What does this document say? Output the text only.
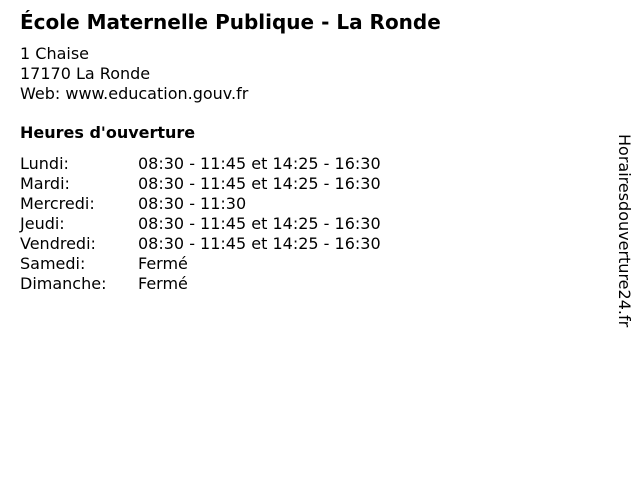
École Maternelle Publique - La Ronde
1 Chaise
17170 La Ronde
Web: www.education.gouv.fr
Heures d'ouverture
Lundi:	08:30 - 11:45 et 14:25 - 16:30
Mardi:	08:30 - 11:45 et 14:25 - 16:30
Mercredi:	08:30 - 11:30
Jeudi:	08:30 - 11:45 et 14:25 - 16:30
Vendredi:	08:30 - 11:45 et 14:25 - 16:30
Samedi:	Fermé
Dimanche:	Fermé	Horairesdouverture24.fr
